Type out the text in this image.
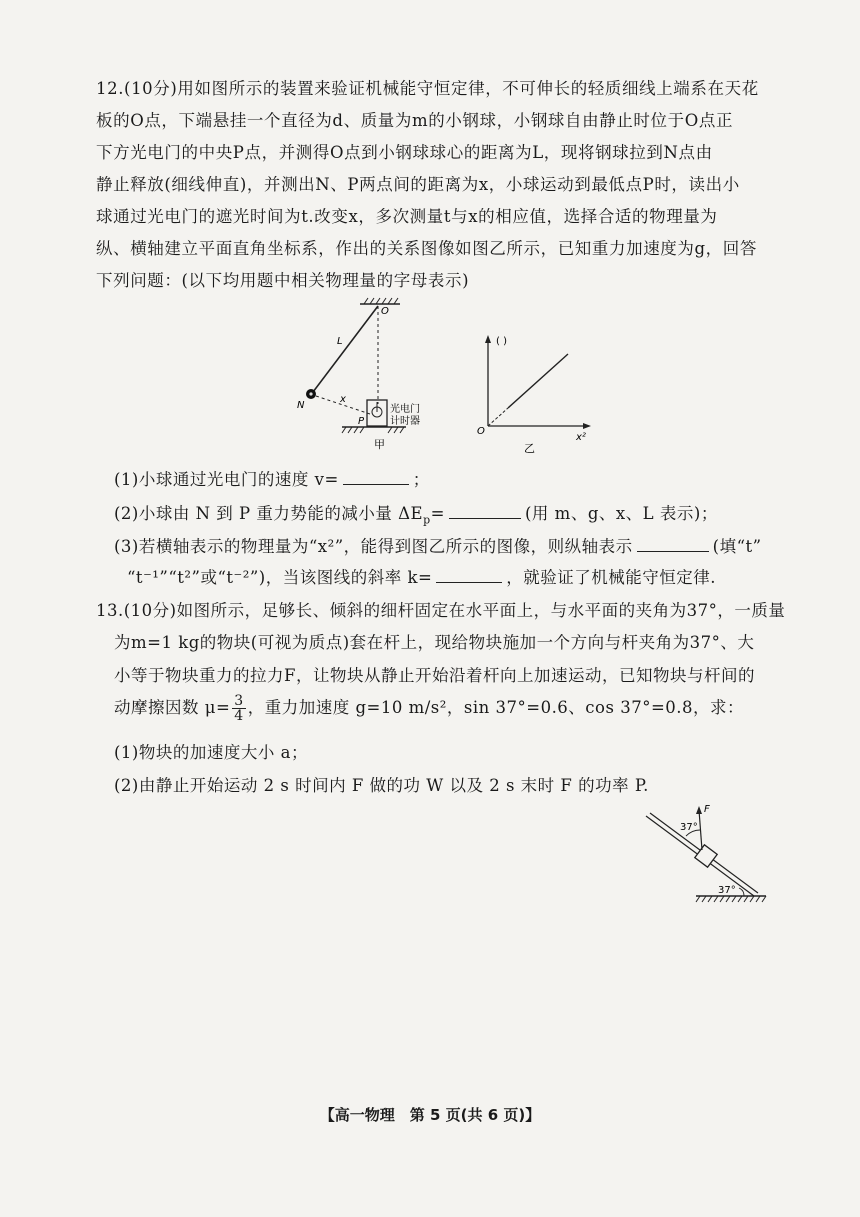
12.(10分)用如图所示的装置来验证机械能守恒定律，不可伸长的轻质细线上端系在天花
板的O点，下端悬挂一个直径为d、质量为m的小钢球，小钢球自由静止时位于O点正
下方光电门的中央P点，并测得O点到小钢球球心的距离为L，现将钢球拉到N点由
静止释放(细线伸直)，并测出N、P两点间的距离为x，小球运动到最低点P时，读出小
球通过光电门的遮光时间为t.改变x，多次测量t与x的相应值，选择合适的物理量为
纵、横轴建立平面直角坐标系，作出的关系图像如图乙所示，已知重力加速度为g，回答
下列问题：(以下均用题中相关物理量的字母表示)
O
L
N
x
P
光电门
计时器
甲
( )
x²
O
乙
(1)小球通过光电门的速度 v=	；
(2)小球由 N 到 P 重力势能的减小量 $\Delta E_p=$	(用 m、g、x、L 表示)；
(3)若横轴表示的物理量为“x²”，能得到图乙所示的图像，则纵轴表示	(填“t”
“t⁻¹”“t²”或“t⁻²”)，当该图线的斜率 k=	，就验证了机械能守恒定律.
13.(10分)如图所示，足够长、倾斜的细杆固定在水平面上，与水平面的夹角为37°，一质量
为m=1 kg的物块(可视为质点)套在杆上，现给物块施加一个方向与杆夹角为37°、大
小等于物块重力的拉力F，让物块从静止开始沿着杆向上加速运动，已知物块与杆间的
动摩擦因数 $\mu= \frac{3}{4}$ ，重力加速度 g=10 m/s²，sin 37°=0.6、cos 37°=0.8，求：
(1)物块的加速度大小 a；
(2)由静止开始运动 2 s 时间内 F 做的功 W 以及 2 s 末时 F 的功率 P.
F
37°
37°
【高一物理　第 5 页(共 6 页)】
